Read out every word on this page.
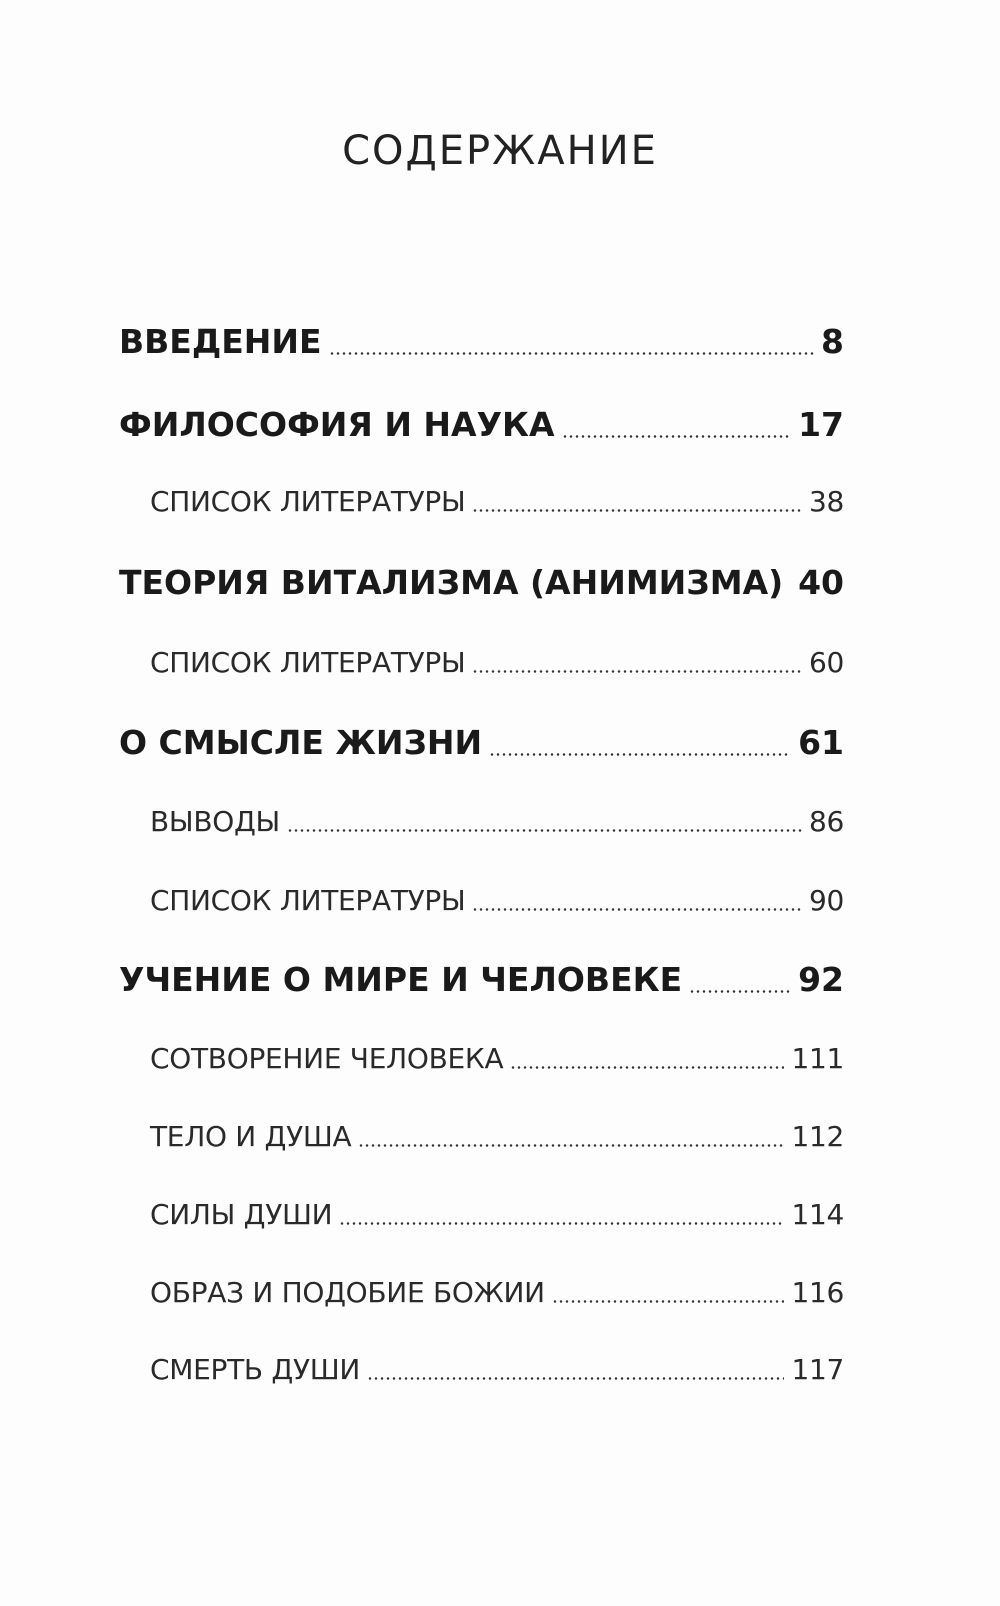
СОДЕРЖАНИЕ
ВВЕДЕНИЕ	8
ФИЛОСОФИЯ И НАУКА	17
СПИСОК ЛИТЕРАТУРЫ	38
ТЕОРИЯ ВИТАЛИЗМА (АНИМИЗМА) 40
СПИСОК ЛИТЕРАТУРЫ	60
О СМЫСЛЕ ЖИЗНИ	61
ВЫВОДЫ	86
СПИСОК ЛИТЕРАТУРЫ	90
УЧЕНИЕ О МИРЕ И ЧЕЛОВЕКЕ	92
СОТВОРЕНИЕ ЧЕЛОВЕКА	111
ТЕЛО И ДУША	112
СИЛЫ ДУШИ	114
ОБРАЗ И ПОДОБИЕ БОЖИИ	116
СМЕРТЬ ДУШИ	117
